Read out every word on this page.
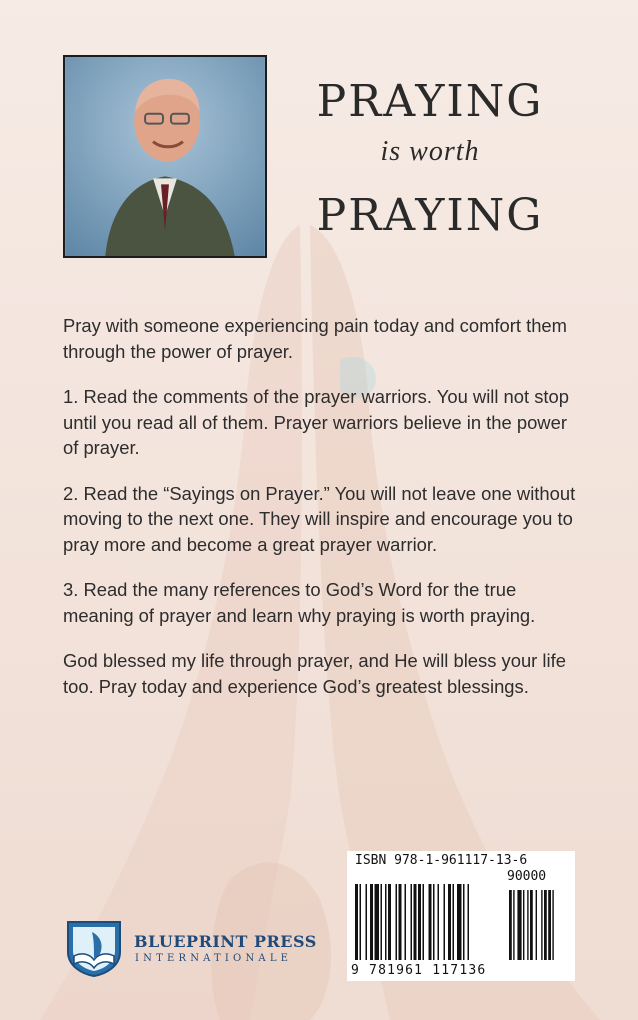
PRAYING

is worth

PRAYING

Pray with someone experiencing pain today and comfort them through the power of prayer.

1. Read the comments of the prayer warriors. You will not stop until you read all of them. Prayer warriors believe in the power of prayer.

2. Read the “Sayings on Prayer.” You will not leave one without moving to the next one. They will inspire and encourage you to pray more and become a great prayer warrior.

3. Read the many references to God’s Word for the true meaning of prayer and learn why praying is worth praying.

God blessed my life through prayer, and He will bless your life too. Pray today and experience God’s greatest blessings.

BLUEPRINT PRESS

INTERNATIONALE

ISBN 978-1-961117-13-6

90000

9 781961 117136
